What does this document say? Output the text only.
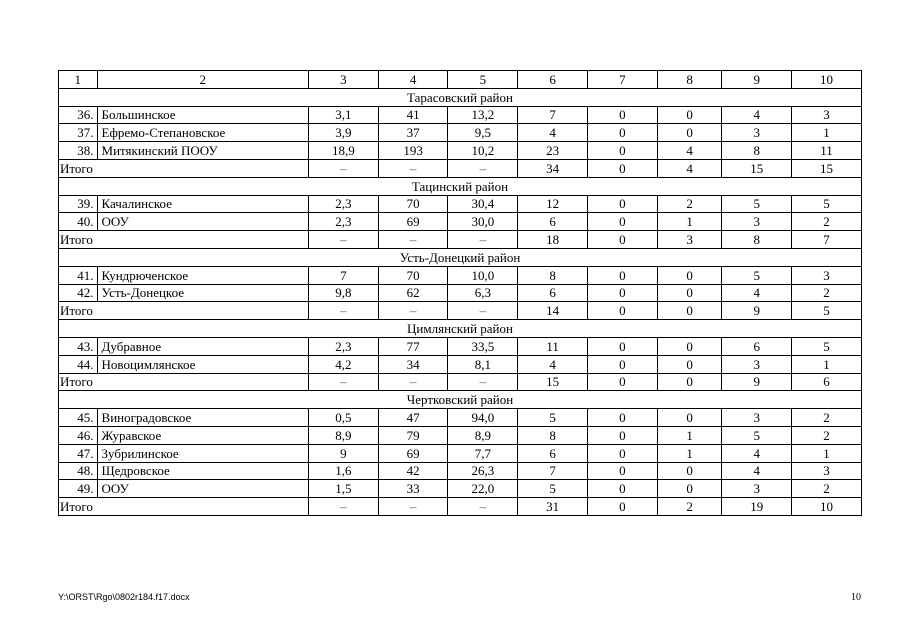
1	2	3	4	5	6	7	8	9	10
Тарасовский район									
36.	Большинское	3,1	41	13,2	7	0	0	4	3
37.	Ефремо-Степановское	3,9	37	9,5	4	0	0	3	1
38.	Митякинский ПООУ	18,9	193	10,2	23	0	4	8	11
Итого		–	–	–	34	0	4	15	15
Тацинский район									
39.	Качалинское	2,3	70	30,4	12	0	2	5	5
40.	ООУ	2,3	69	30,0	6	0	1	3	2
Итого		–	–	–	18	0	3	8	7
Усть-Донецкий район									
41.	Кундрюченское	7	70	10,0	8	0	0	5	3
42.	Усть-Донецкое	9,8	62	6,3	6	0	0	4	2
Итого		–	–	–	14	0	0	9	5
Цимлянский район									
43.	Дубравное	2,3	77	33,5	11	0	0	6	5
44.	Новоцимлянское	4,2	34	8,1	4	0	0	3	1
Итого		–	–	–	15	0	0	9	6
Чертковский район									
45.	Виноградовское	0,5	47	94,0	5	0	0	3	2
46.	Журавское	8,9	79	8,9	8	0	1	5	2
47.	Зубрилинское	9	69	7,7	6	0	1	4	1
48.	Щедровское	1,6	42	26,3	7	0	0	4	3
49.	ООУ	1,5	33	22,0	5	0	0	3	2
Итого		–	–	–	31	0	2	19	10
Y:\ORST\Rgo\0802r184.f17.docx	10
